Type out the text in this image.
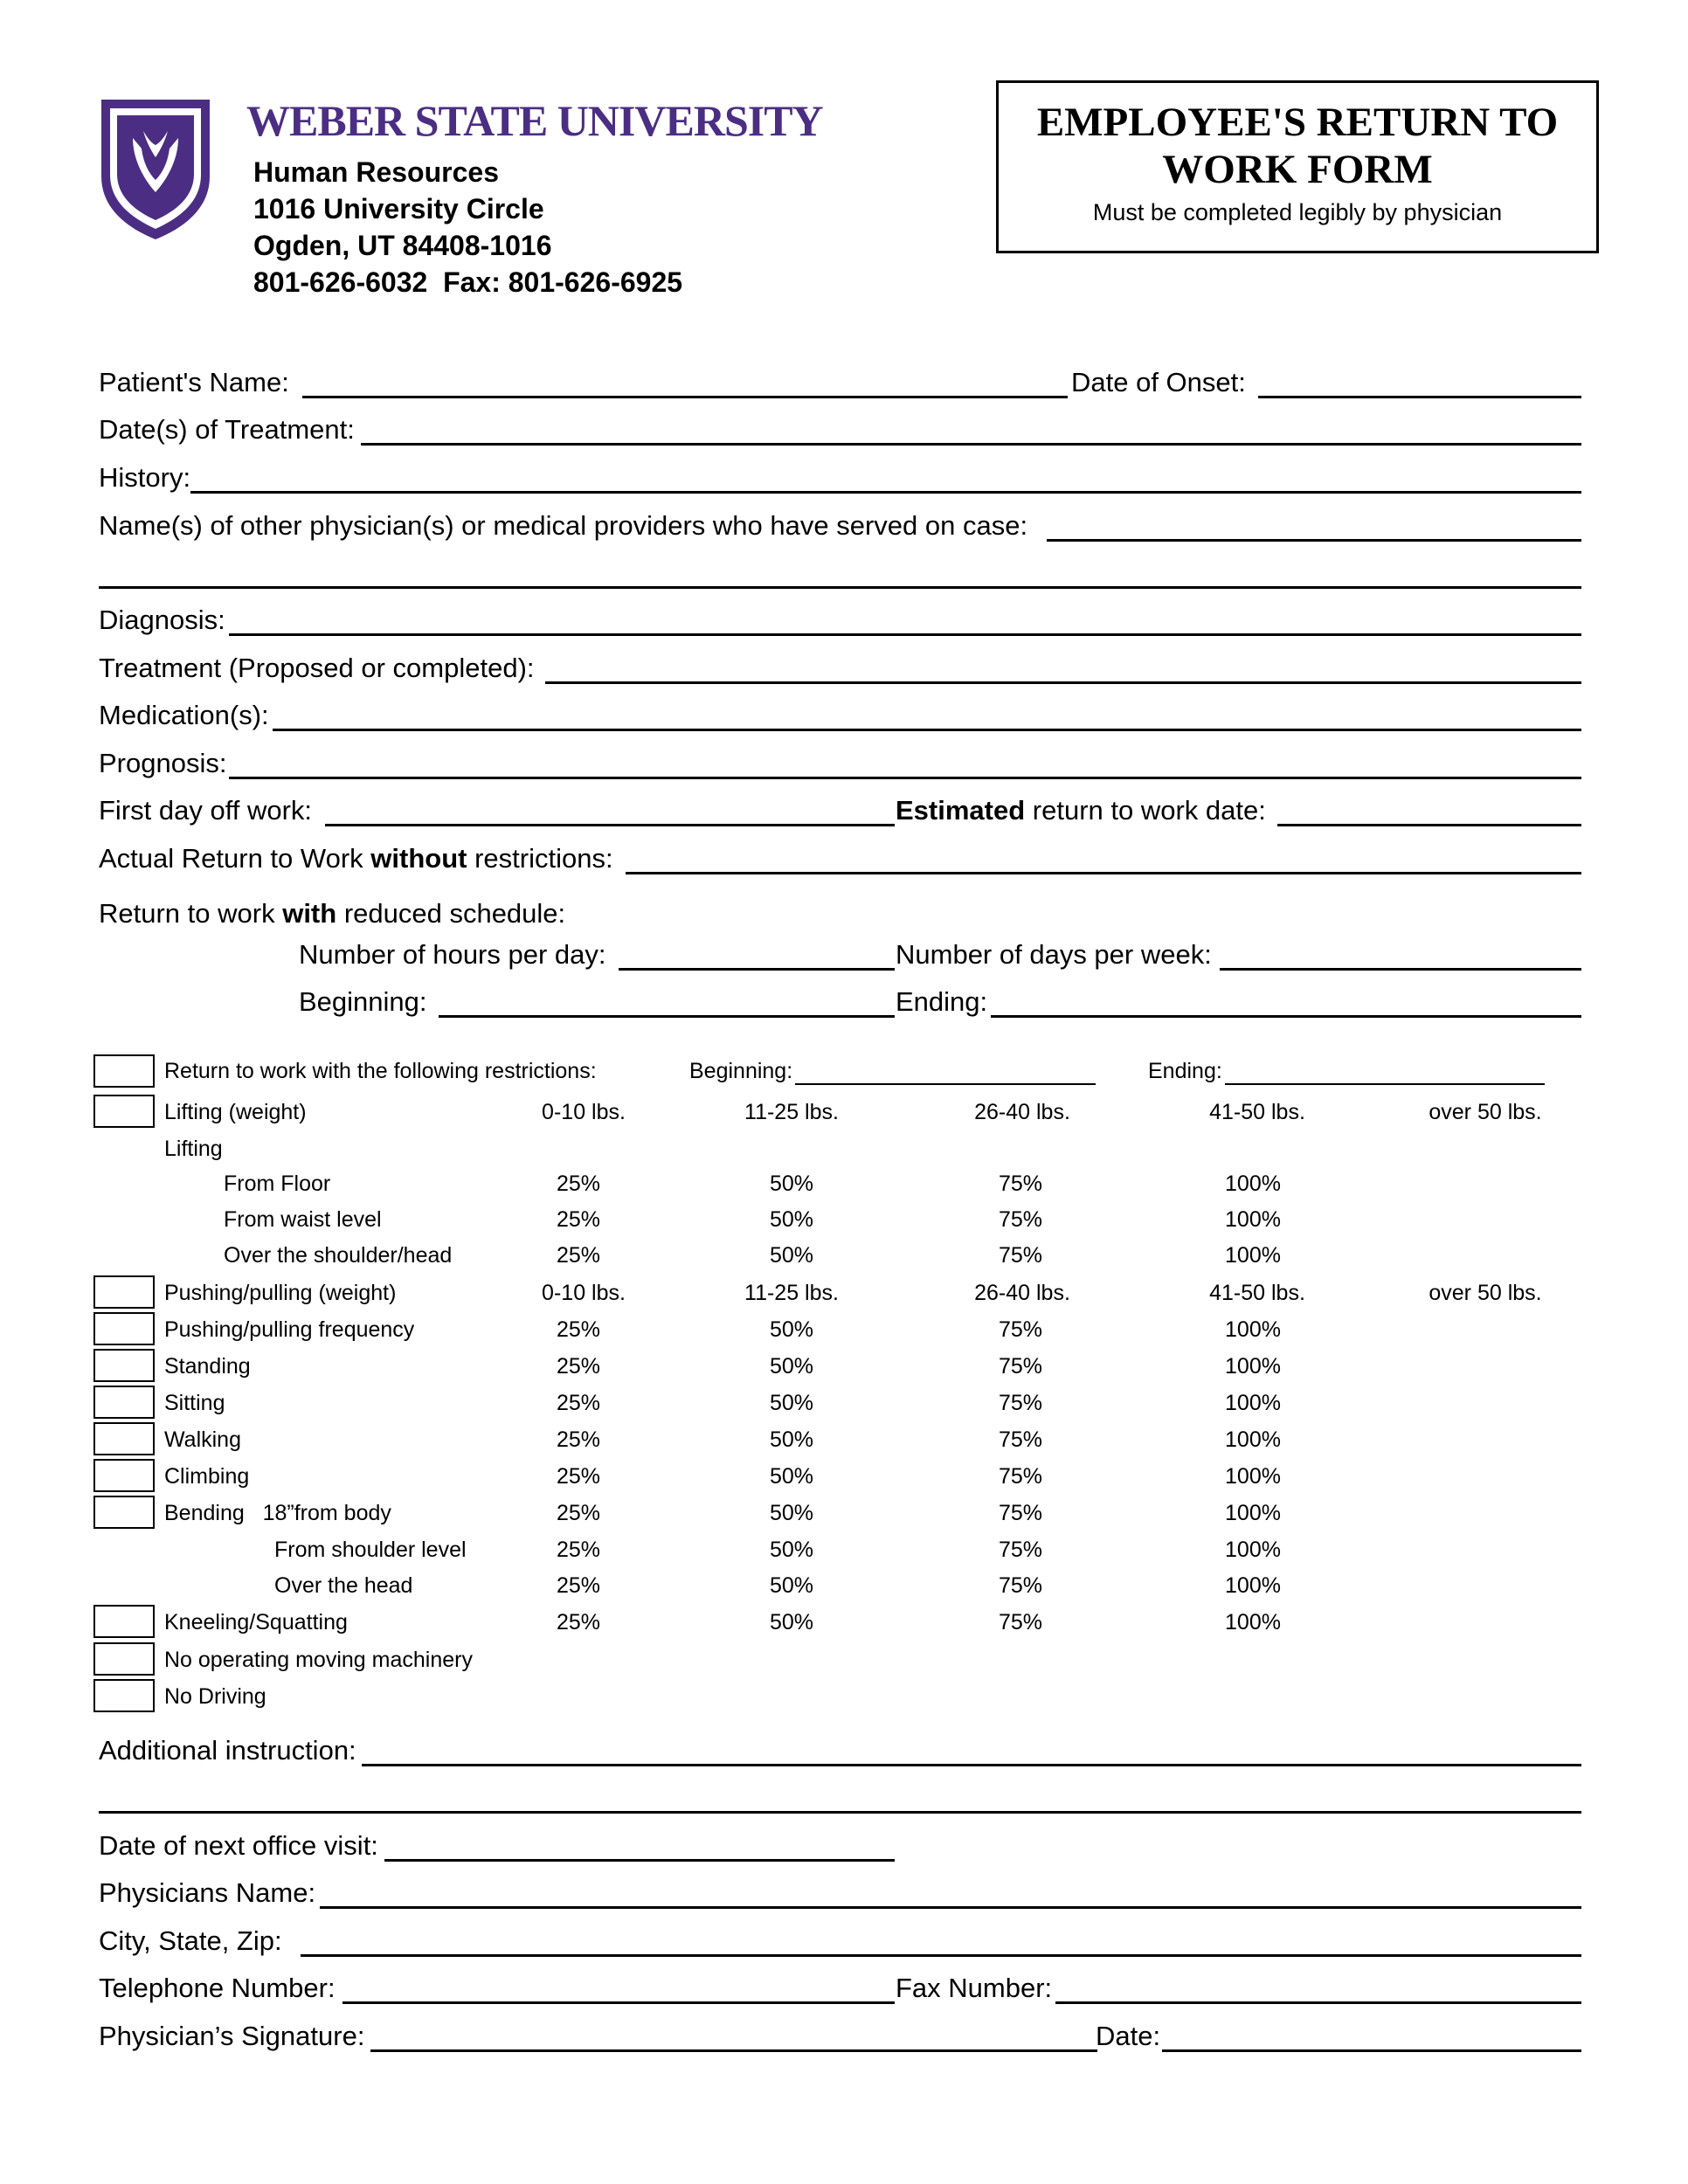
WEBER STATE UNIVERSITY
Human Resources
1016 University Circle
Ogden, UT 84408-1016
801-626-6032  Fax: 801-626-6925
EMPLOYEE'S RETURN TO
WORK FORM
Must be completed legibly by physician
Patient's Name:	Date of Onset:
Date(s) of Treatment:
History:
Name(s) of other physician(s) or medical providers who have served on case:
Diagnosis:
Treatment (Proposed or completed):
Medication(s):
Prognosis:
First day off work:	Estimated return to work date:
Actual Return to Work without restrictions:
Return to work with reduced schedule:
Number of hours per day:	Number of days per week:
Beginning:	Ending:
Return to work with the following restrictions:	Beginning:	Ending:
Lifting (weight)	0-10 lbs.	11-25 lbs.	26-40 lbs.	41-50 lbs.	over 50 lbs.
Lifting
From Floor	25%	50%	75%	100%
From waist level	25%	50%	75%	100%
Over the shoulder/head	25%	50%	75%	100%
Pushing/pulling (weight)	0-10 lbs.	11-25 lbs.	26-40 lbs.	41-50 lbs.	over 50 lbs.
Pushing/pulling frequency	25%	50%	75%	100%
Standing	25%	50%	75%	100%
Sitting	25%	50%	75%	100%
Walking	25%	50%	75%	100%
Climbing	25%	50%	75%	100%
Bending   18”from body	25%	50%	75%	100%
From shoulder level	25%	50%	75%	100%
Over the head	25%	50%	75%	100%
Kneeling/Squatting	25%	50%	75%	100%
No operating moving machinery
No Driving
Additional instruction:
Date of next office visit:
Physicians Name:
City, State, Zip:
Telephone Number:	Fax Number:
Physician’s Signature:	Date:
